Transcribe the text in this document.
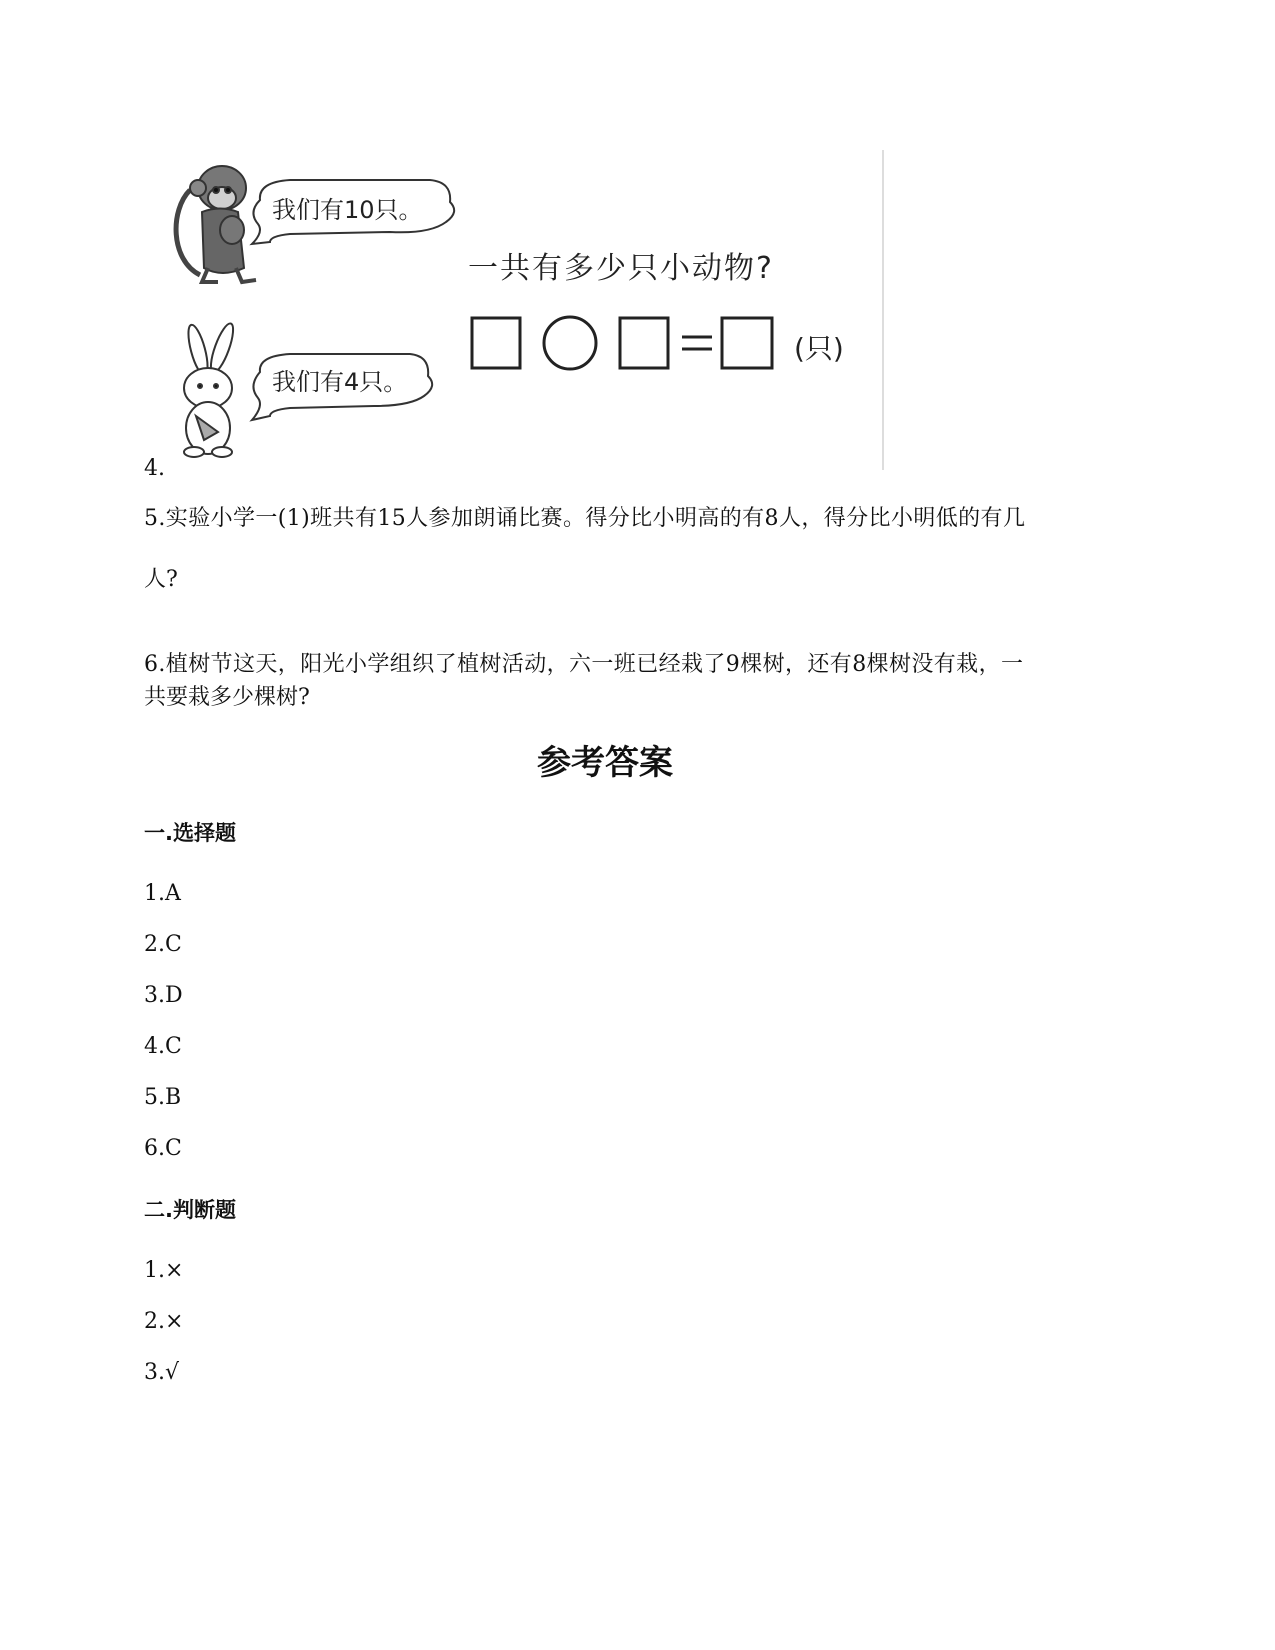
我们有10只。
我们有4只。
一共有多少只小动物?
(只)
4.
5.实验小学一(1)班共有15人参加朗诵比赛。得分比小明高的有8人，得分比小明低的有几
人?
6.植树节这天，阳光小学组织了植树活动，六一班已经栽了9棵树，还有8棵树没有栽，一
共要栽多少棵树?
参考答案
一.选择题
1.A
2.C
3.D
4.C
5.B
6.C
二.判断题
1.×
2.×
3.√
